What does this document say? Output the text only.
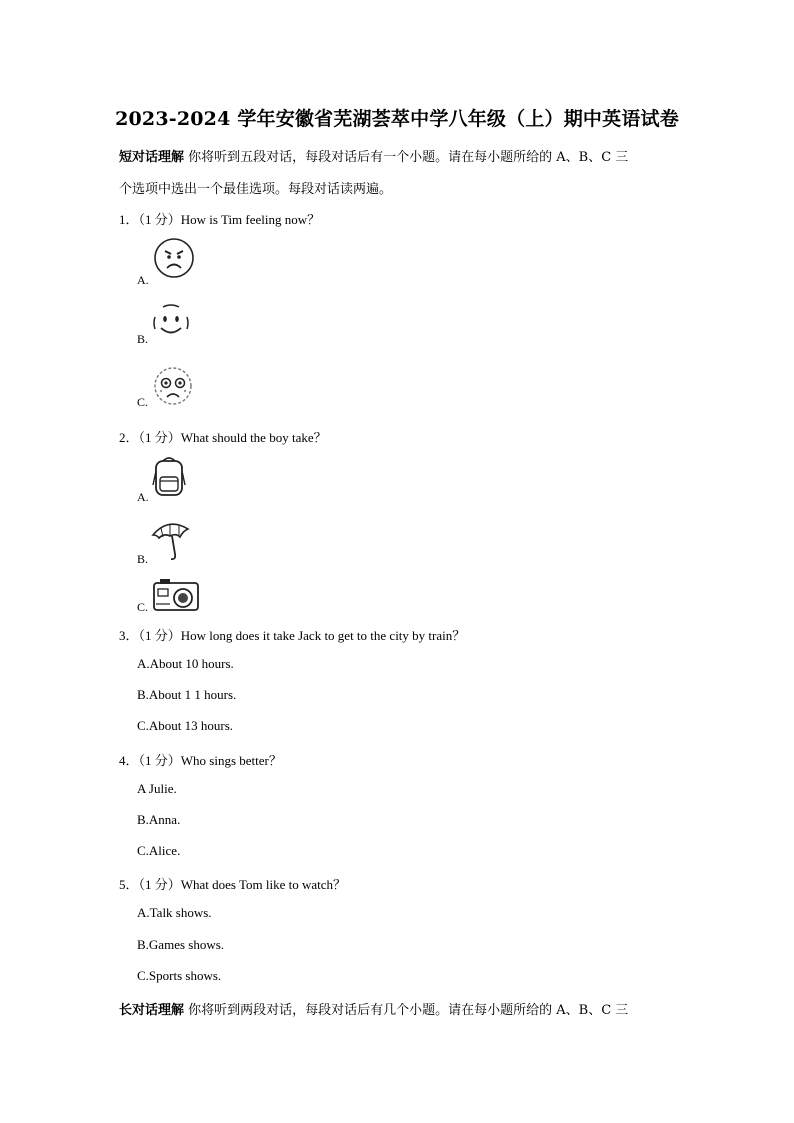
2023-2024 学年安徽省芜湖荟萃中学八年级（上）期中英语试卷
短对话理解 你将听到五段对话，每段对话后有一个小题。请在每小题所给的 A、B、C 三
个选项中选出一个最佳选项。每段对话读两遍。
1．（1 分）How is Tim feeling now？
A.
B.
C.
2．（1 分）What should the boy take？
A.
B.
C.
3．（1 分）How long does it take Jack to get to the city by train？
A.About 10 hours.
B.About 1 1 hours.
C.About 13 hours.
4．（1 分）Who sings better？
A Julie.
B.Anna.
C.Alice.
5．（1 分）What does Tom like to watch？
A.Talk shows.
B.Games shows.
C.Sports shows.
长对话理解 你将听到两段对话，每段对话后有几个小题。请在每小题所给的 A、B、C 三
